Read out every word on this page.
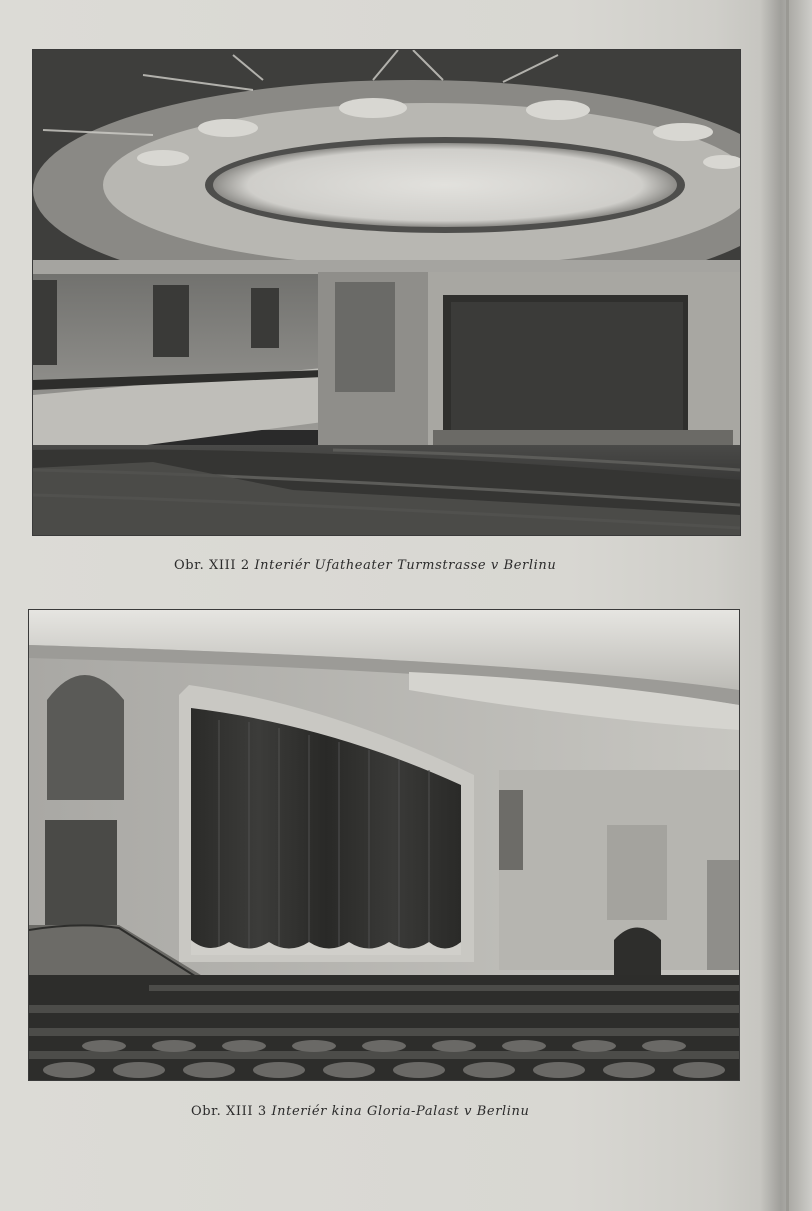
Obr. XIII 2 Interiér Ufatheater Turmstrasse v Berlinu
Obr. XIII 3 Interiér kina Gloria-Palast v Berlinu
